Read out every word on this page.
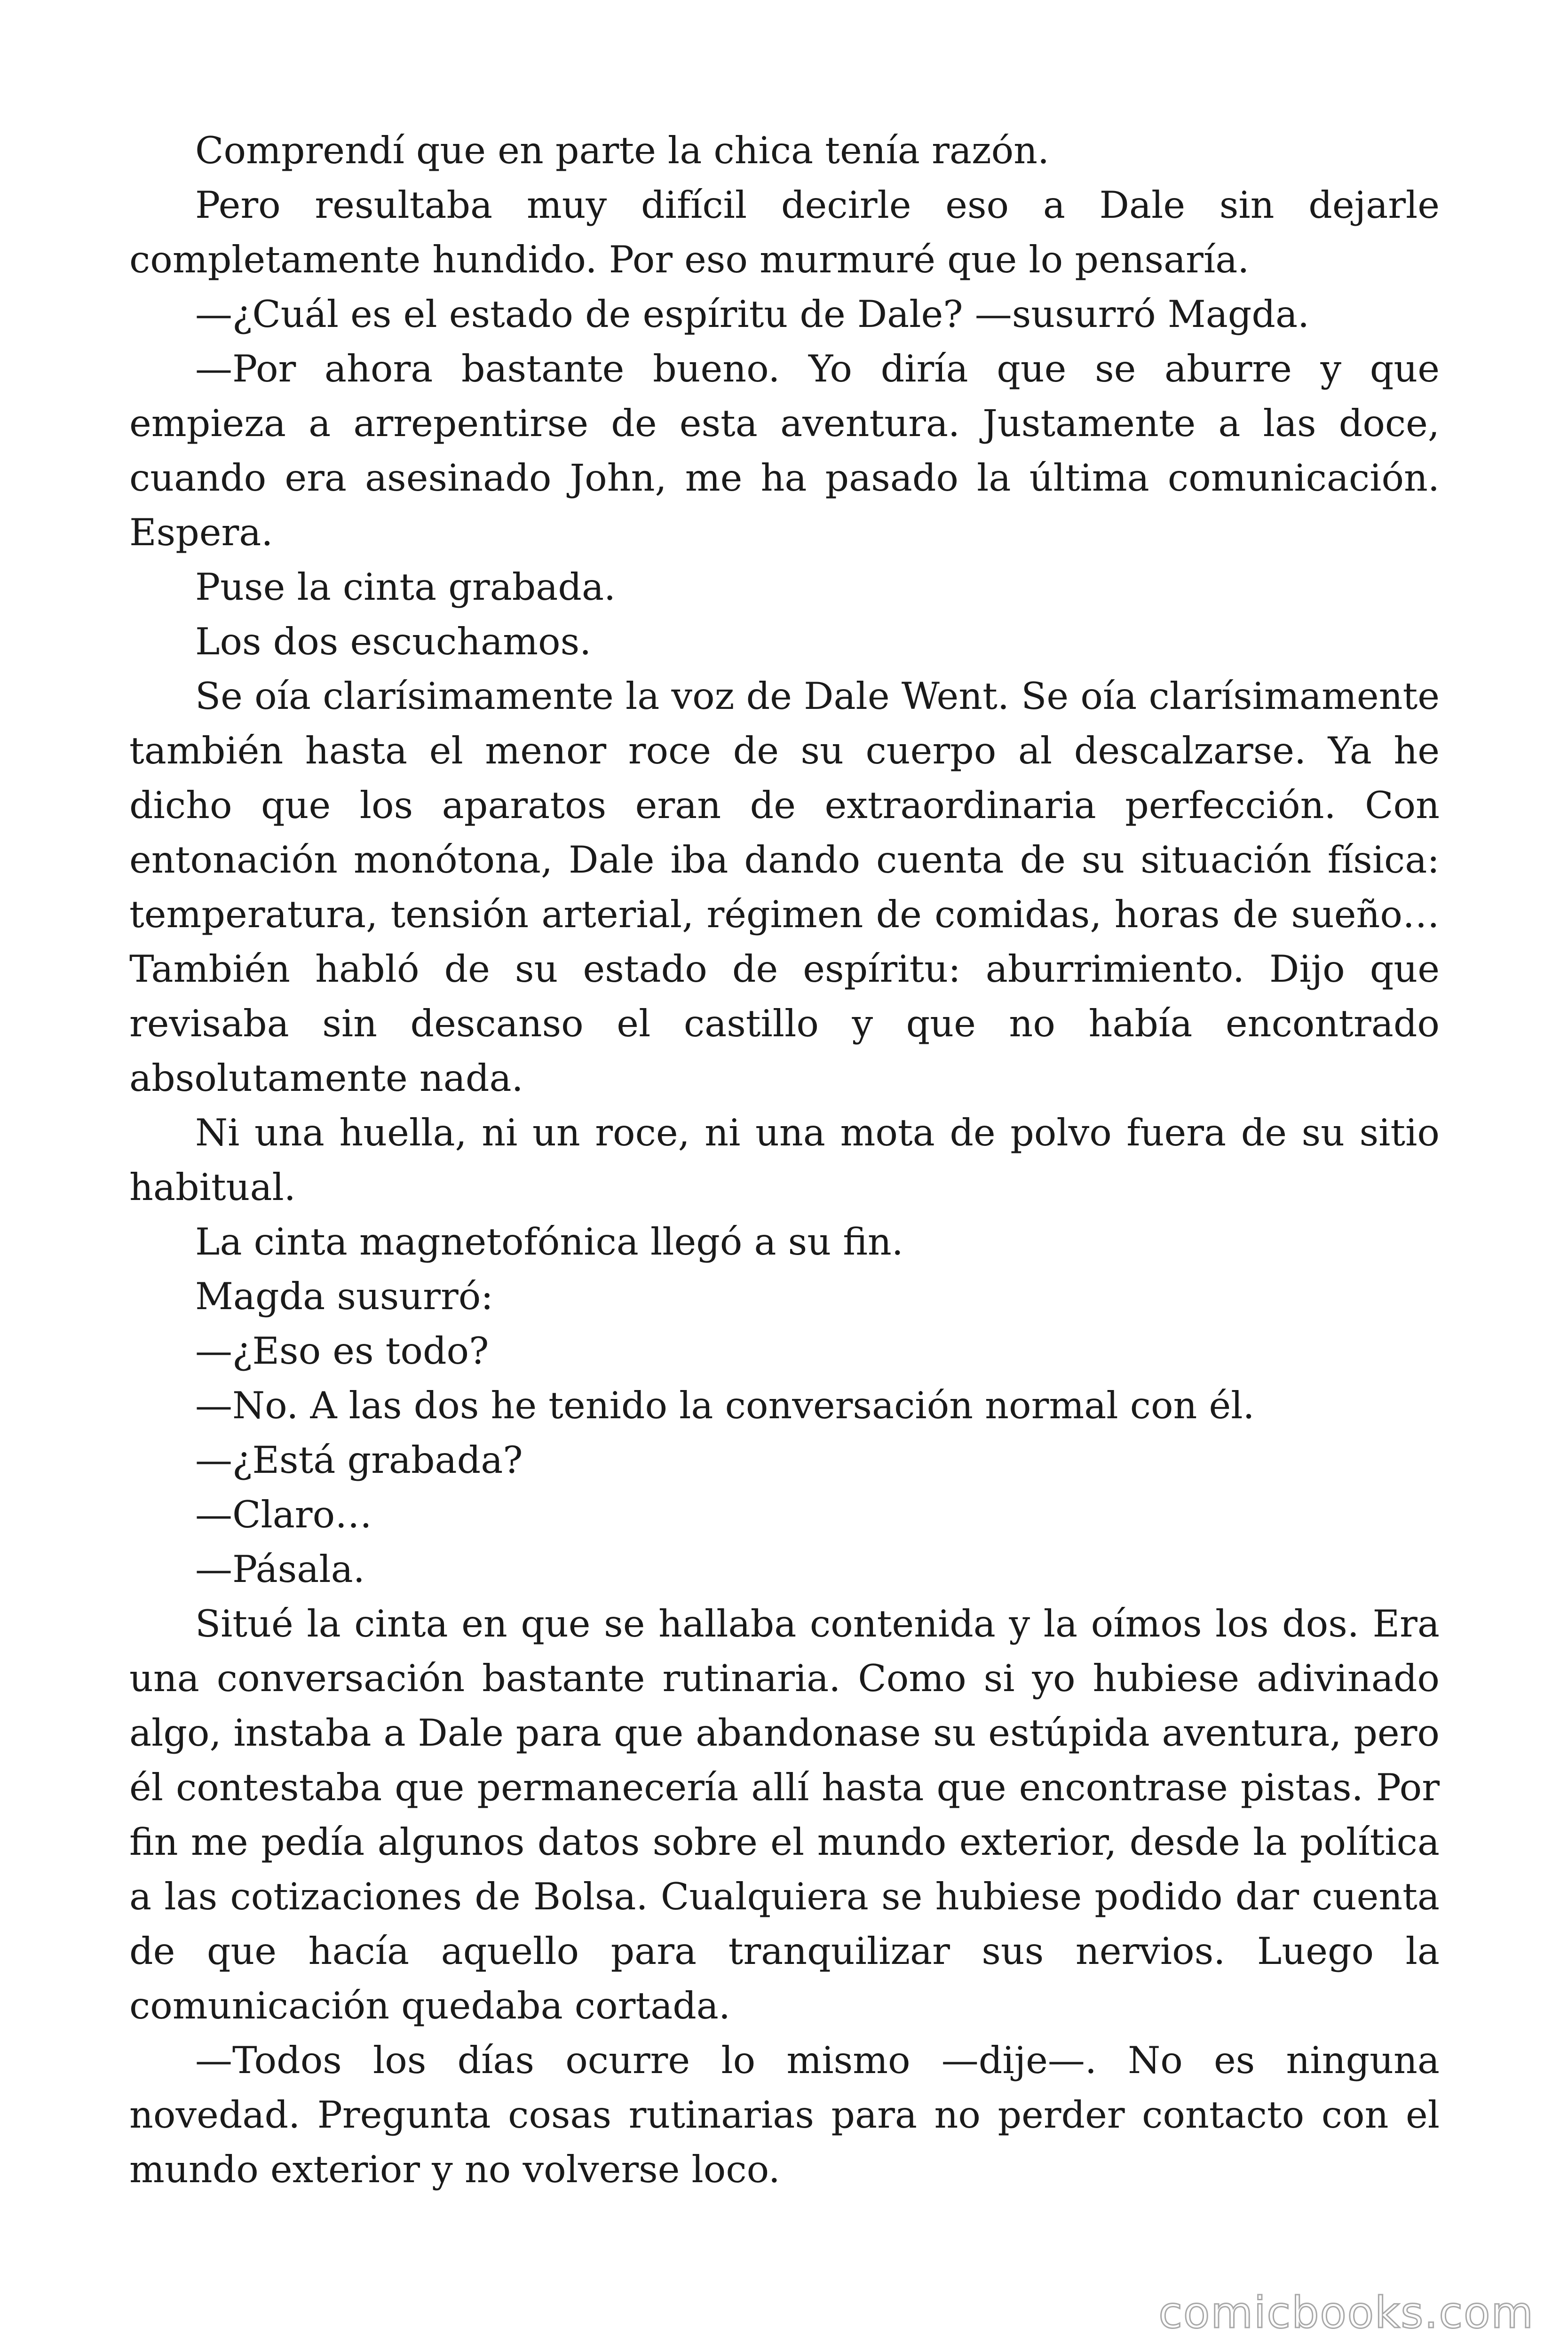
Comprendí que en parte la chica tenía razón.

Pero resultaba muy difícil decirle eso a Dale sin dejarle completamente hundido. Por eso murmuré que lo pensaría.

—¿Cuál es el estado de espíritu de Dale? —susurró Magda.

—Por ahora bastante bueno. Yo diría que se aburre y que empieza a arrepentirse de esta aventura. Justamente a las doce, cuando era asesinado John, me ha pasado la última comunicación. Espera.

Puse la cinta grabada.

Los dos escuchamos.

Se oía clarísimamente la voz de Dale Went. Se oía clarísimamente también hasta el menor roce de su cuerpo al descalzarse. Ya he dicho que los aparatos eran de extraordinaria perfección. Con entonación monótona, Dale iba dando cuenta de su situación física: temperatura, tensión arterial, régimen de comidas, horas de sueño… También habló de su estado de espíritu: aburrimiento. Dijo que revisaba sin descanso el castillo y que no había encontrado absolutamente nada.

Ni una huella, ni un roce, ni una mota de polvo fuera de su sitio habitual.

La cinta magnetofónica llegó a su fin.

Magda susurró:

—¿Eso es todo?

—No. A las dos he tenido la conversación normal con él.

—¿Está grabada?

—Claro…

—Pásala.

Situé la cinta en que se hallaba contenida y la oímos los dos. Era una conversación bastante rutinaria. Como si yo hubiese adivinado algo, instaba a Dale para que abandonase su estúpida aventura, pero él contestaba que permanecería allí hasta que encontrase pistas. Por fin me pedía algunos datos sobre el mundo exterior, desde la política a las cotizaciones de Bolsa. Cualquiera se hubiese podido dar cuenta de que hacía aquello para tranquilizar sus nervios. Luego la comunicación quedaba cortada.

—Todos los días ocurre lo mismo —dije—. No es ninguna novedad. Pregunta cosas rutinarias para no perder contacto con el mundo exterior y no volverse loco.

comicbooks.com
